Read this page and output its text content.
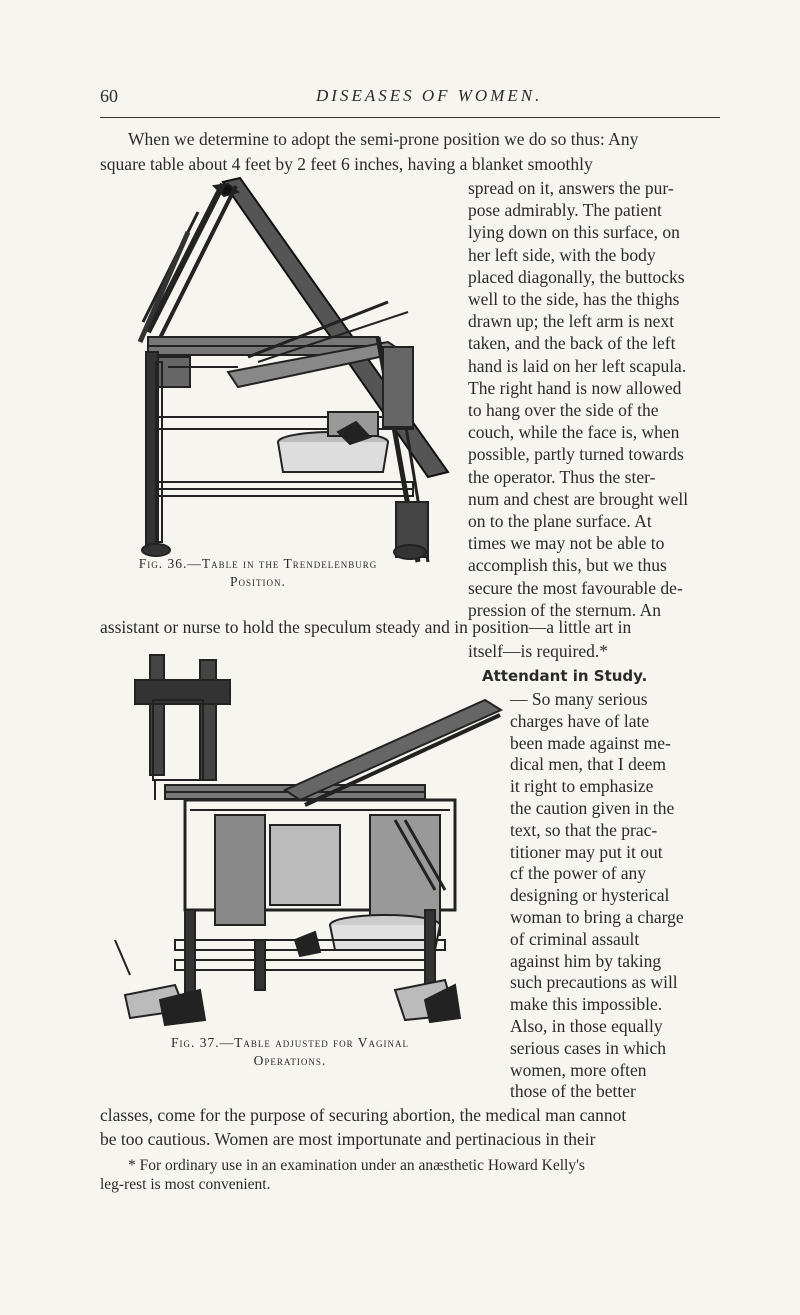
60	DISEASES OF WOMEN.
When we determine to adopt the semi-prone position we do so thus: Any
square table about 4 feet by 2 feet 6 inches, having a blanket smoothly
spread on it, answers the pur-
pose admirably. The patient
lying down on this surface, on
her left side, with the body
placed diagonally, the buttocks
well to the side, has the thighs
drawn up; the left arm is next
taken, and the back of the left
hand is laid on her left scapula.
The right hand is now allowed
to hang over the side of the
couch, while the face is, when
possible, partly turned towards
the operator. Thus the ster-
num and chest are brought well
on to the plane surface. At
times we may not be able to
accomplish this, but we thus
secure the most favourable de-
pression of the sternum. An
Fig. 36.—Table in the Trendelenburg
Position.
assistant or nurse to hold the speculum steady and in position—a little art in
itself—is required.*
Attendant in Study.
— So many serious
charges have of late
been made against me-
dical men, that I deem
it right to emphasize
the caution given in the
text, so that the prac-
titioner may put it out
cf the power of any
designing or hysterical
woman to bring a charge
of criminal assault
against him by taking
such precautions as will
make this impossible.
Also, in those equally
serious cases in which
women, more often
those of the better
Fig. 37.—Table adjusted for Vaginal
Operations.
classes, come for the purpose of securing abortion, the medical man cannot
be too cautious. Women are most importunate and pertinacious in their
* For ordinary use in an examination under an anæsthetic Howard Kelly's
leg-rest is most convenient.
